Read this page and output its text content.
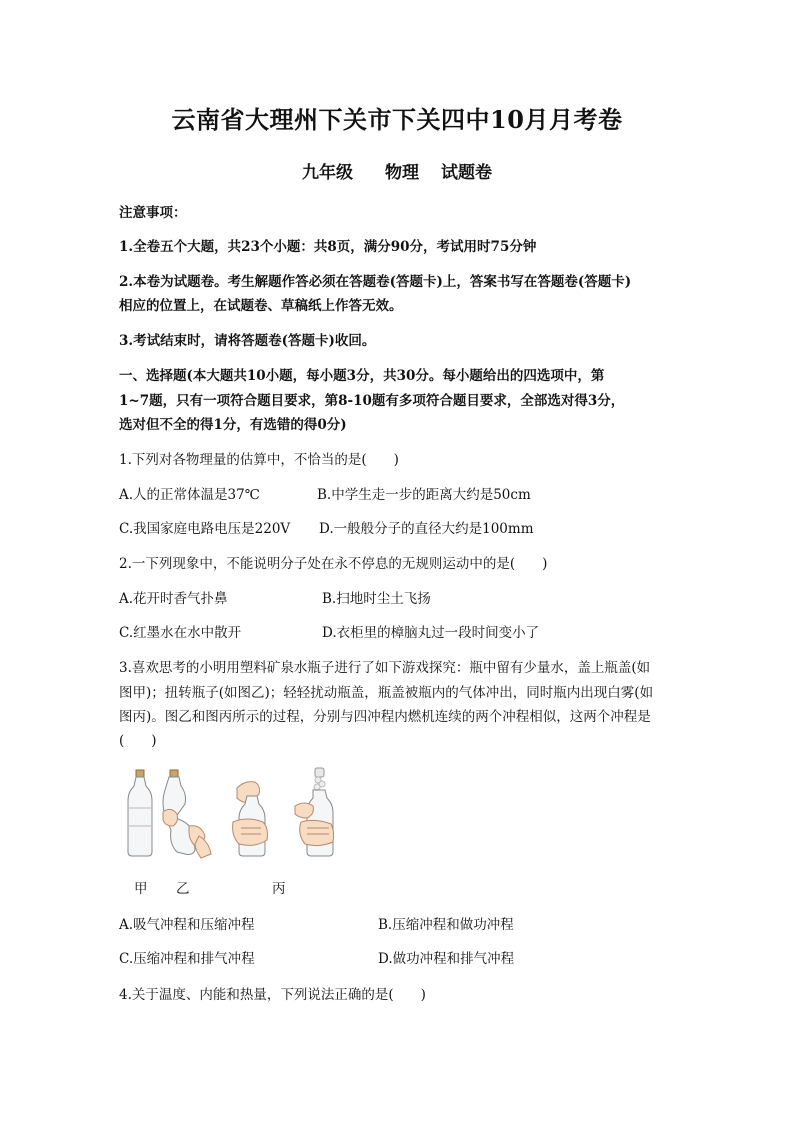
云南省大理州下关市下关四中10月月考卷
九年级 物理 试题卷
注意事项：
1.全卷五个大题，共23个小题：共8页，满分90分，考试用时75分钟
2.本卷为试题卷。考生解题作答必须在答题卷(答题卡)上，答案书写在答题卷(答题卡)
相应的位置上，在试题卷、草稿纸上作答无效。
3.考试结束时，请将答题卷(答题卡)收回。
一、选择题(本大题共10小题，每小题3分，共30分。每小题给出的四选项中，第
1~7题，只有一项符合题目要求，第8-10题有多项符合题目要求，全部选对得3分，
选对但不全的得1分，有选错的得0分)
1.下列对各物理量的估算中，不恰当的是(　　)
A.人的正常体温是37℃	B.中学生走一步的距离大约是50cm
C.我国家庭电路电压是220V D.一般般分子的直径大约是100mm
2.一下列现象中，不能说明分子处在永不停息的无规则运动中的是(　　)
A.花开时香气扑鼻	B.扫地时尘土飞扬
C.红墨水在水中散开	D.衣柜里的樟脑丸过一段时间变小了
3.喜欢思考的小明用塑料矿泉水瓶子进行了如下游戏探究：瓶中留有少量水，盖上瓶盖(如
图甲)；扭转瓶子(如图乙)；轻轻扰动瓶盖，瓶盖被瓶内的气体冲出，同时瓶内出现白雾(如
图丙)。图乙和图丙所示的过程，分别与四冲程内燃机连续的两个冲程相似，这两个冲程是
(　　)
甲 乙	丙
A.吸气冲程和压缩冲程	B.压缩冲程和做功冲程
C.压缩冲程和排气冲程	D.做功冲程和排气冲程
4.关于温度、内能和热量，下列说法正确的是(　　)
